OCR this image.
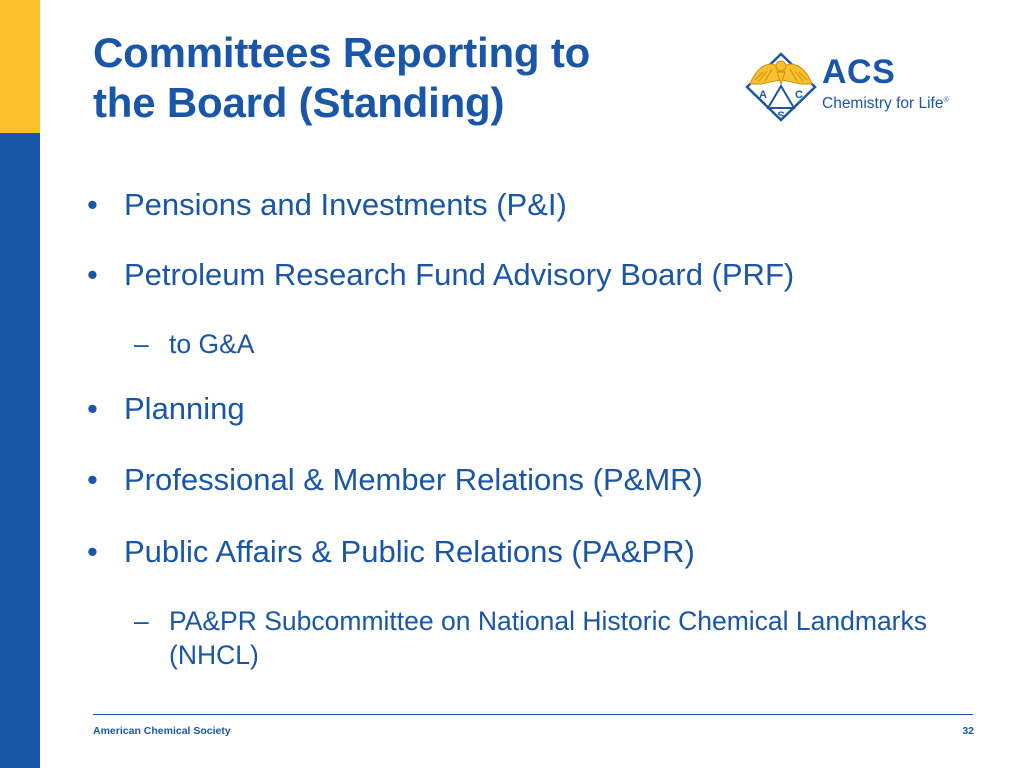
Committees Reporting to
the Board (Standing)	A	C
S
ACS
Chemistry for Life®
• Pensions and Investments (P&I)
• Petroleum Research Fund Advisory Board (PRF)
– to G&A
• Planning
• Professional & Member Relations (P&MR)
• Public Affairs & Public Relations (PA&PR)
– PA&PR Subcommittee on National Historic Chemical Landmarks (NHCL)
American Chemical Society	32
